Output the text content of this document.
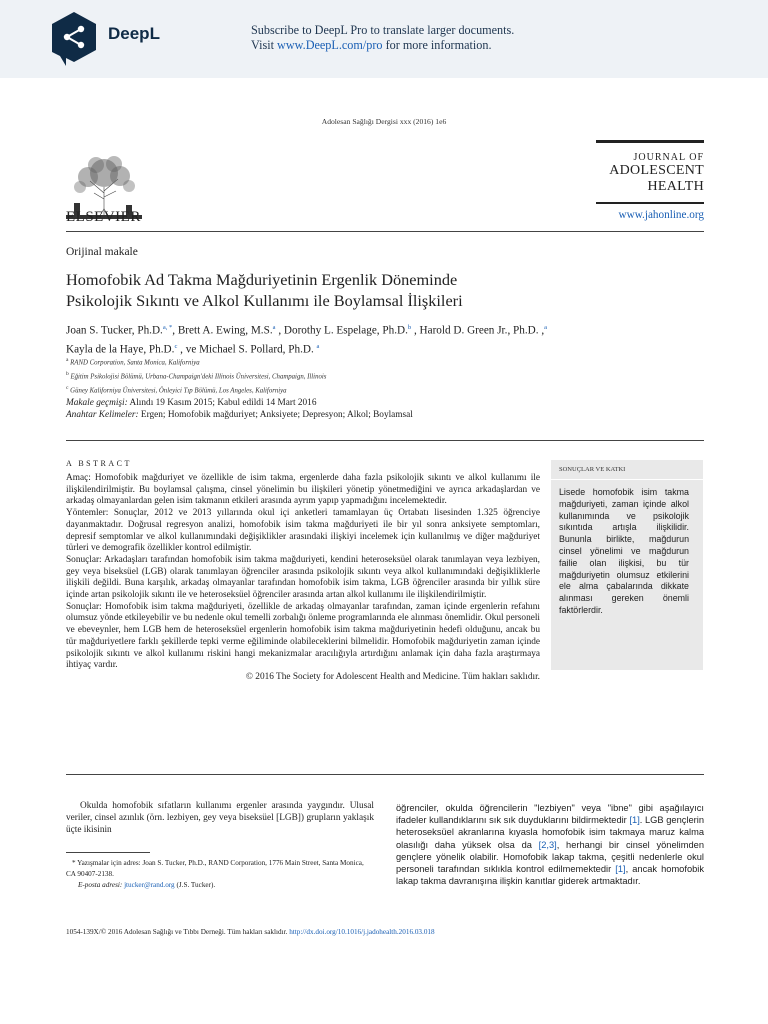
DeepL	Subscribe to DeepL Pro to translate larger documents.
Visit www.DeepL.com/pro for more information.
Adolesan Sağlığı Dergisi xxx (2016) 1e6
ELSEVIER
JOURNAL OF
ADOLESCENT
HEALTH
www.jahonline.org
Orijinal makale
Homofobik Ad Takma Mağduriyetinin Ergenlik Döneminde
Psikolojik Sıkıntı ve Alkol Kullanımı ile Boylamsal İlişkileri
Joan S. Tucker, Ph.D.$^{a, *}$, Brett A. Ewing, M.S.$^a$ , Dorothy L. Espelage, Ph.D.$^b$ , Harold D. Green Jr., Ph.D. ,$^a$
Kayla de la Haye, Ph.D.$^c$ , ve Michael S. Pollard, Ph.D. $^a$
$^a$ RAND Corporation, Santa Monica, Kaliforniya
$^b$ Eğitim Psikolojisi Bölümü, Urbana-Champaign'deki Illinois Üniversitesi, Champaign, Illinois
$^c$ Güney Kaliforniya Üniversitesi, Önleyici Tıp Bölümü, Los Angeles, Kaliforniya
Makale geçmişi: Alındı 19 Kasım 2015; Kabul edildi 14 Mart 2016
Anahtar Kelimeler: Ergen; Homofobik mağduriyet; Anksiyete; Depresyon; Alkol; Boylamsal
A BSTRACT

Amaç: Homofobik mağduriyet ve özellikle de isim takma, ergenlerde daha fazla psikolojik sıkıntı ve alkol kullanımı ile ilişkilendirilmiştir. Bu boylamsal çalışma, cinsel yönelimin bu ilişkileri yönetip yönetmediğini ve ayrıca arkadaşlardan ve arkadaş olmayanlardan gelen isim takmanın etkileri arasında ayrım yapıp yapmadığını incelemektedir.

Yöntemler: Sonuçlar, 2012 ve 2013 yıllarında okul içi anketleri tamamlayan üç Ortabatı lisesinden 1.325 öğrenciye dayanmaktadır. Doğrusal regresyon analizi, homofobik isim takma mağduriyeti ile bir yıl sonra anksiyete semptomları, depresif semptomlar ve alkol kullanımındaki değişiklikler arasındaki ilişkiyi incelemek için kullanılmış ve diğer mağduriyet türleri ve demografik özellikler kontrol edilmiştir.

Sonuçlar: Arkadaşları tarafından homofobik isim takma mağduriyeti, kendini heteroseksüel olarak tanımlayan veya lezbiyen, gey veya biseksüel (LGB) olarak tanımlayan öğrenciler arasında psikolojik sıkıntı veya alkol kullanımındaki değişikliklerle ilişkili değildi. Buna karşılık, arkadaş olmayanlar tarafından homofobik isim takma, LGB öğrenciler arasında bir yıllık süre içinde artan psikolojik sıkıntı ile ve heteroseksüel öğrenciler arasında artan alkol kullanımı ile ilişkilendirilmiştir.

Sonuçlar: Homofobik isim takma mağduriyeti, özellikle de arkadaş olmayanlar tarafından, zaman içinde ergenlerin refahını olumsuz yönde etkileyebilir ve bu nedenle okul temelli zorbalığı önleme programlarında ele alınması önemlidir. Okul personeli ve ebeveynler, hem LGB hem de heteroseksüel ergenlerin homofobik isim takma mağduriyetinin hedefi olduğunu, ancak bu tür mağduriyetlere farklı şekillerde tepki verme eğiliminde olabileceklerini bilmelidir. Homofobik mağduriyetin zaman içinde psikolojik sıkıntı ve alkol kullanımı riskini hangi mekanizmalar aracılığıyla artırdığını anlamak için daha fazla araştırmaya ihtiyaç vardır.

© 2016 The Society for Adolescent Health and Medicine. Tüm hakları saklıdır.

SONUÇLAR VE KATKI
Lisede homofobik isim takma mağduriyeti, zaman içinde alkol kullanımında ve psikolojik sıkıntıda artışla ilişkilidir. Bununla birlikte, mağdurun cinsel yönelimi ve mağdurun failie olan ilişkisi, bu tür mağduriyetin olumsuz etkilerini ele alma çabalarında dikkate alınması gereken önemli faktörlerdir.

Okulda homofobik sıfatların kullanımı ergenler arasında yaygındır. Ulusal veriler, cinsel azınlık (örn. lezbiyen, gey veya biseksüel [LGB]) grupların yaklaşık üçte ikisinin

* Yazışmalar için adres: Joan S. Tucker, Ph.D., RAND Corporation, 1776 Main Street, Santa Monica, CA 90407-2138.
E-posta adresi: jtucker@rand.org (J.S. Tucker).

öğrenciler, okulda öğrencilerin "lezbiyen" veya "ibne" gibi aşağılayıcı ifadeler kullandıklarını sık sık duyduklarını bildirmektedir [1]. LGB gençlerin heteroseksüel akranlarına kıyasla homofobik isim takmaya maruz kalma olasılığı daha yüksek olsa da [2,3], herhangi bir cinsel yönelimden gençlere yönelik olabilir. Homofobik lakap takma, çeşitli nedenlerle okul personeli tarafından sıklıkla kontrol edilmemektedir [1], ancak homofobik lakap takma davranışına ilişkin kanıtlar giderek artmaktadır.

1054-139X/© 2016 Adolesan Sağlığı ve Tıbbı Derneği. Tüm hakları saklıdır. http://dx.doi.org/10.1016/j.jadohealth.2016.03.018
